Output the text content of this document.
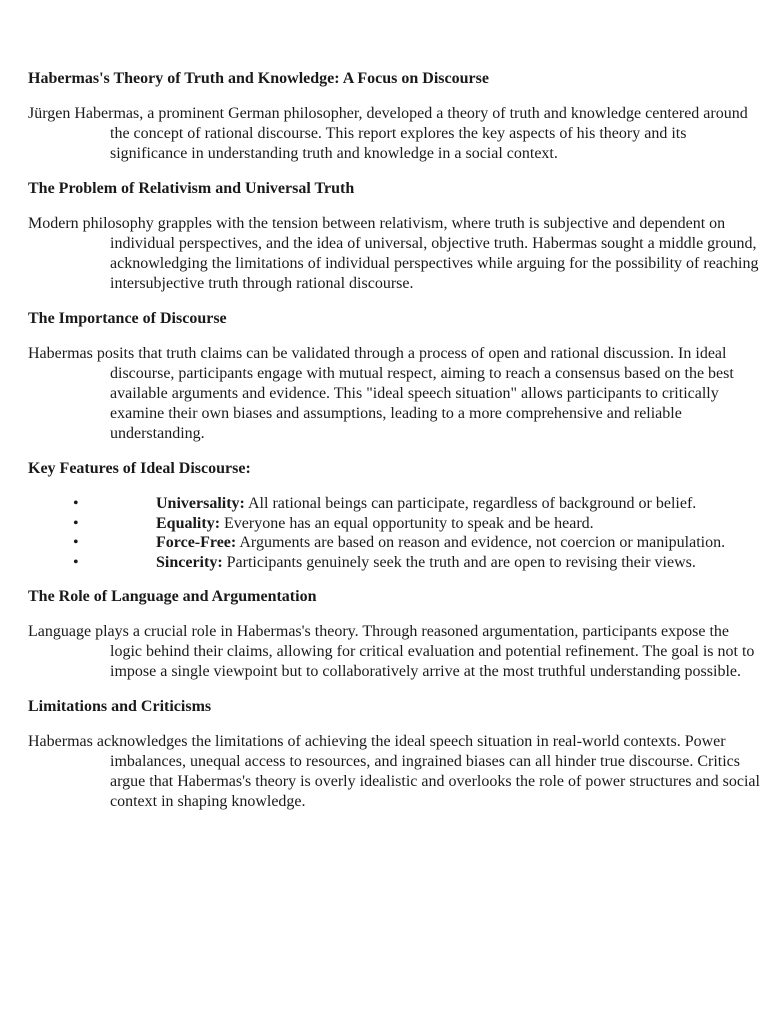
Habermas's Theory of Truth and Knowledge: A Focus on Discourse

Jürgen Habermas, a prominent German philosopher, developed a theory of truth and knowledge centered around the concept of rational discourse. This report explores the key aspects of his theory and its significance in understanding truth and knowledge in a social context.

The Problem of Relativism and Universal Truth

Modern philosophy grapples with the tension between relativism, where truth is subjective and dependent on individual perspectives, and the idea of universal, objective truth. Habermas sought a middle ground, acknowledging the limitations of individual perspectives while arguing for the possibility of reaching intersubjective truth through rational discourse.

The Importance of Discourse

Habermas posits that truth claims can be validated through a process of open and rational discussion. In ideal discourse, participants engage with mutual respect, aiming to reach a consensus based on the best available arguments and evidence. This "ideal speech situation" allows participants to critically examine their own biases and assumptions, leading to a more comprehensive and reliable understanding.

Key Features of Ideal Discourse:
•	Universality: All rational beings can participate, regardless of background or belief.
•	Equality: Everyone has an equal opportunity to speak and be heard.
•	Force-Free: Arguments are based on reason and evidence, not coercion or manipulation.
•	Sincerity: Participants genuinely seek the truth and are open to revising their views.
The Role of Language and Argumentation

Language plays a crucial role in Habermas's theory. Through reasoned argumentation, participants expose the logic behind their claims, allowing for critical evaluation and potential refinement. The goal is not to impose a single viewpoint but to collaboratively arrive at the most truthful understanding possible.

Limitations and Criticisms

Habermas acknowledges the limitations of achieving the ideal speech situation in real-world contexts. Power imbalances, unequal access to resources, and ingrained biases can all hinder true discourse. Critics argue that Habermas's theory is overly idealistic and overlooks the role of power structures and social context in shaping knowledge.
